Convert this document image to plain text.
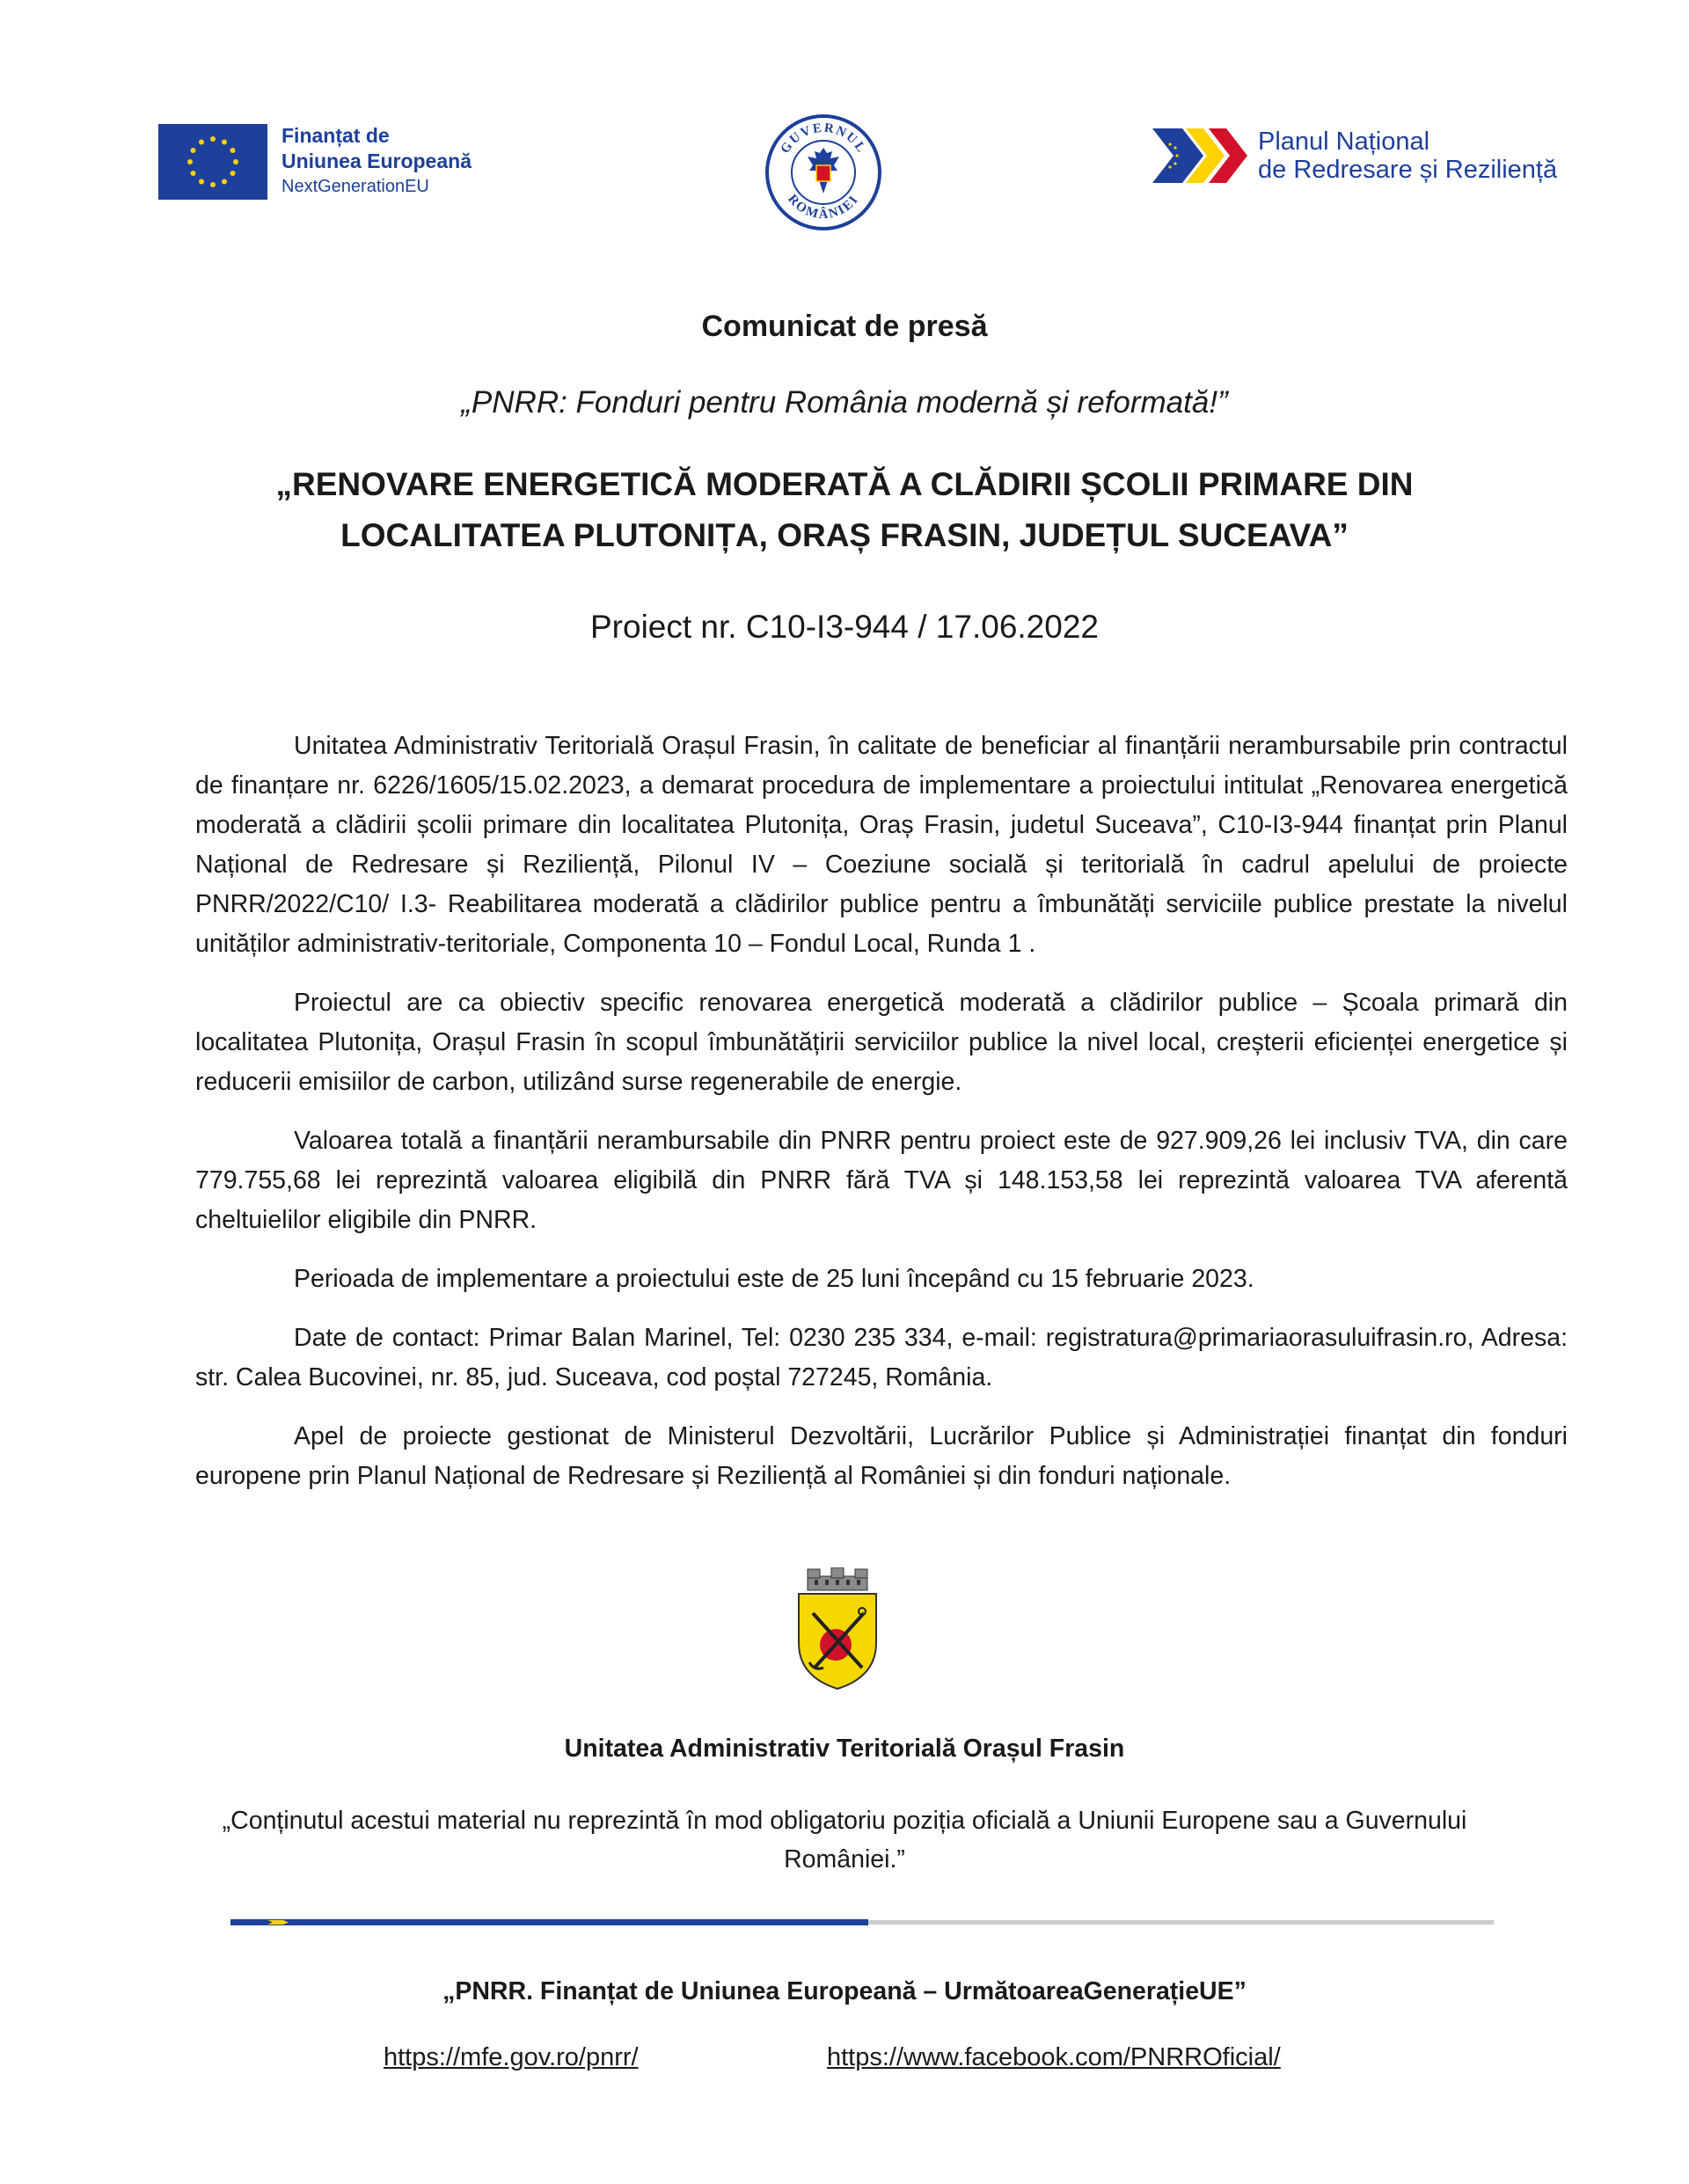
Finanțat de
Uniunea Europeană
NextGenerationEU
GUVERNUL
ROMÂNIEI
Planul Național
de Redresare și Reziliență
Comunicat de presă
„PNRR: Fonduri pentru România modernă și reformată!”
„RENOVARE ENERGETICĂ MODERATĂ A CLĂDIRII ȘCOLII PRIMARE DIN
LOCALITATEA PLUTONIȚA, ORAȘ FRASIN, JUDEȚUL SUCEAVA”
Proiect nr. C10-I3-944 / 17.06.2022

Unitatea Administrativ Teritorială Orașul Frasin, în calitate de beneficiar al finanțării nerambursabile prin contractul de finanțare nr. 6226/1605/15.02.2023, a demarat procedura de implementare a proiectului intitulat „Renovarea energetică moderată a clădirii școlii primare din localitatea Plutonița, Oraș Frasin, judetul Suceava”, C10-I3-944 finanțat prin Planul Național de Redresare și Reziliență, Pilonul IV – Coeziune socială și teritorială în cadrul apelului de proiecte PNRR/2022/C10/ I.3- Reabilitarea moderată a clădirilor publice pentru a îmbunătăți serviciile publice prestate la nivelul unităților administrativ-teritoriale, Componenta 10 – Fondul Local, Runda 1 .

Proiectul are ca obiectiv specific renovarea energetică moderată a clădirilor publice – Școala primară din localitatea Plutonița, Orașul Frasin în scopul îmbunătățirii serviciilor publice la nivel local, creșterii eficienței energetice și reducerii emisiilor de carbon, utilizând surse regenerabile de energie.

Valoarea totală a finanțării nerambursabile din PNRR pentru proiect este de 927.909,26 lei inclusiv TVA, din care 779.755,68 lei reprezintă valoarea eligibilă din PNRR fără TVA și 148.153,58 lei reprezintă valoarea TVA aferentă cheltuielilor eligibile din PNRR.

Perioada de implementare a proiectului este de 25 luni începând cu 15 februarie 2023.

Date de contact: Primar Balan Marinel, Tel: 0230 235 334, e-mail: registratura@primariaorasuluifrasin.ro, Adresa: str. Calea Bucovinei, nr. 85, jud. Suceava, cod poștal 727245, România.

Apel de proiecte gestionat de Ministerul Dezvoltării, Lucrărilor Publice și Administrației finanțat din fonduri europene prin Planul Național de Redresare și Reziliență al României și din fonduri naționale.

Unitatea Administrativ Teritorială Orașul Frasin
„Conținutul acestui material nu reprezintă în mod obligatoriu poziția oficială a Uniunii Europene sau a Guvernului României.”
„PNRR. Finanțat de Uniunea Europeană – UrmătoareaGenerațieUE”
https://mfe.gov.ro/pnrr/	https://www.facebook.com/PNRROficial/
